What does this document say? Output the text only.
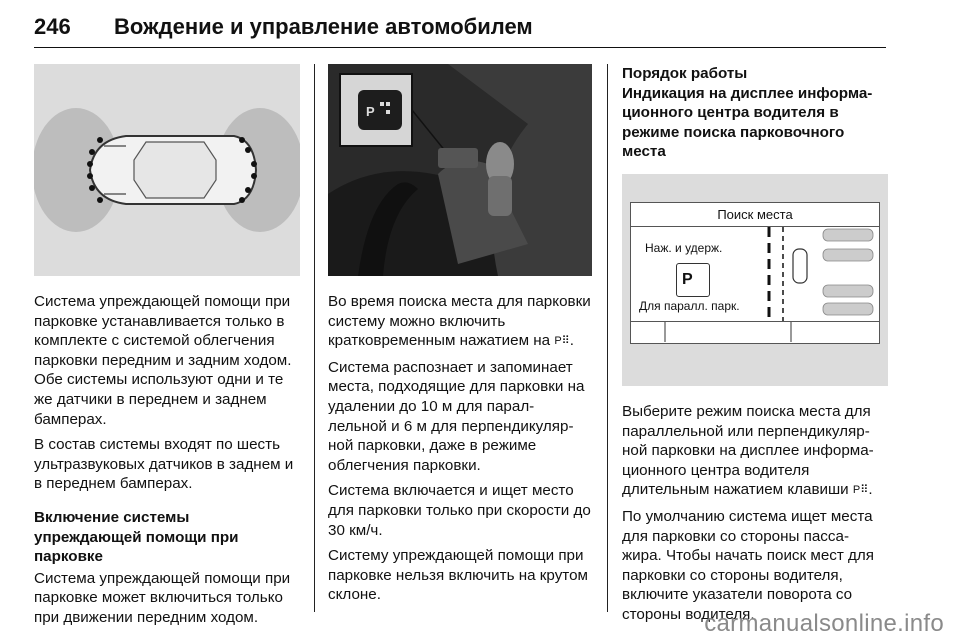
246 Вождение и управление автомобилем
Система упреждающей помощи при парковке устанавливается только в комплекте с системой облегчения парковки передним и задним ходом. Обе системы используют одни и те же датчики в переднем и заднем бамперах.
В состав системы входят по шесть ультразвуковых датчиков в заднем и в переднем бамперах.
Включение системы упреждающей помощи при парковке
Система упреждающей помощи при парковке может включиться только при движении передним ходом.
P
Во время поиска места для парковки систему можно включить кратковременным нажатием на P⠿.
Система распознает и запоминает места, подходящие для парковки на удалении до 10 м для парал-лельной и 6 м для перпендикуляр-ной парковки, даже в режиме облегчения парковки.
Система включается и ищет место для парковки только при скорости до 30 км/ч.
Систему упреждающей помощи при парковке нельзя включить на крутом склоне.
Порядок работы
Индикация на дисплее информа-ционного центра водителя в режиме поиска парковочного места
Поиск места
Наж. и удерж.
P
Для паралл. парк.
Выберите режим поиска места для параллельной или перпендикуляр-ной парковки на дисплее информа-ционного центра водителя длительным нажатием клавиши P⠿.
По умолчанию система ищет места для парковки со стороны пасса-жира. Чтобы начать поиск мест для парковки со стороны водителя, включите указатели поворота со стороны водителя.
carmanualsonline.info
